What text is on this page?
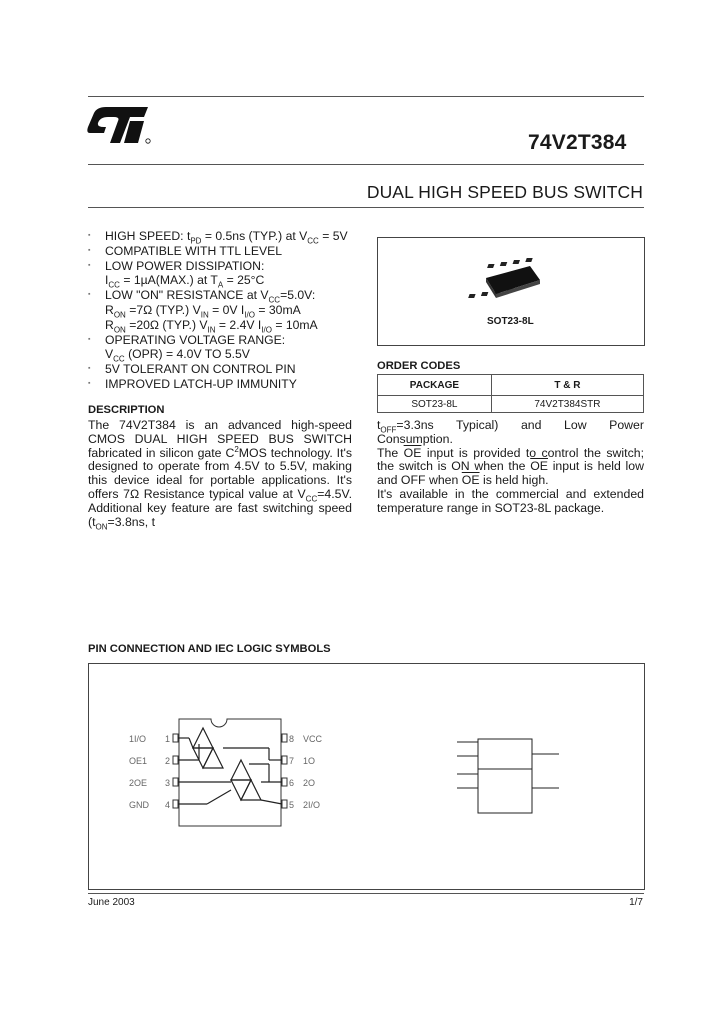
74V2T384
DUAL HIGH SPEED BUS SWITCH
▪ HIGH SPEED: $t_{PD} = 0.5ns$ (TYP.) at $V_{CC} = 5V$
▪ COMPATIBLE WITH TTL LEVEL
▪ LOW POWER DISSIPATION:
$I_{CC} = 1\mu A(MAX.)$ at $T_A = 25^\circ C$
▪ LOW "ON" RESISTANCE at $V_{CC}=5.0V$:
$R_{ON} =7\Omega$ (TYP.) $V_{IN} = 0V$ $I_{I/O} = 30mA$
$R_{ON} =20\Omega$ (TYP.) $V_{IN} = 2.4V$ $I_{I/O} = 10mA$
▪ OPERATING VOLTAGE RANGE:
$V_{CC}$ (OPR) = 4.0V TO 5.5V
▪ 5V TOLERANT ON CONTROL PIN
▪ IMPROVED LATCH-UP IMMUNITY
SOT23-8L
ORDER CODES
PACKAGE	T & R
SOT23-8L	74V2T384STR
DESCRIPTION

The 74V2T384 is an advanced high-speed CMOS DUAL HIGH SPEED BUS SWITCH fabricated in silicon gate $C^2MOS$ technology. It's designed to operate from 4.5V to 5.5V, making this device ideal for portable applications. It's offers 7Ω Resistance typical value at $V_{CC}=4.5V$. Additional key feature are fast switching speed ($t_{ON}=3.8ns$, t

$t_{OFF}=3.3ns$ Typical) and Low Power Consumption.

The $\overline{OE}$ input is provided to control the switch; the switch is ON when the $\overline{OE}$ input is held low and OFF when $\overline{OE}$ is held high.

It's available in the commercial and extended temperature range in SOT23-8L package.

PIN CONNECTION AND IEC LOGIC SYMBOLS
1I/O
OE1
2OE
GND
1
2
3
4
8
7
6
5
VCC
1O
2O
2I/O
June 2003	1/7
